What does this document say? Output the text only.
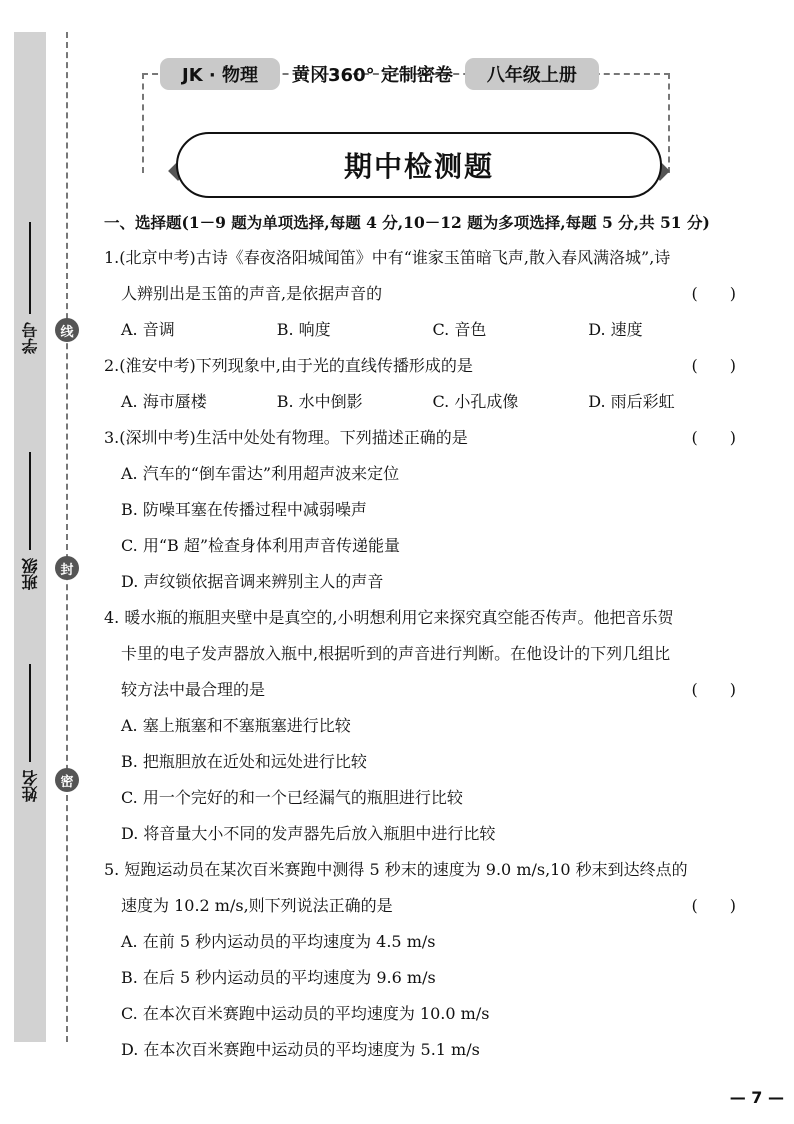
学号
班级
姓名
线
封
密
JK · 物理	黄冈360° 定制密卷	八年级上册
期中检测题
一、选择题(1－9 题为单项选择,每题 4 分,10－12 题为多项选择,每题 5 分,共 51 分)
1.(北京中考)古诗《春夜洛阳城闻笛》中有“谁家玉笛暗飞声,散入春风满洛城”,诗
人辨别出是玉笛的声音,是依据声音的	(　　)
A. 音调	B. 响度	C. 音色	D. 速度
2.(淮安中考)下列现象中,由于光的直线传播形成的是	(　　)
A. 海市蜃楼	B. 水中倒影	C. 小孔成像	D. 雨后彩虹
3.(深圳中考)生活中处处有物理。下列描述正确的是	(　　)
A. 汽车的“倒车雷达”利用超声波来定位
B. 防噪耳塞在传播过程中减弱噪声
C. 用“B 超”检查身体利用声音传递能量
D. 声纹锁依据音调来辨别主人的声音
4. 暖水瓶的瓶胆夹壁中是真空的,小明想利用它来探究真空能否传声。他把音乐贺
卡里的电子发声器放入瓶中,根据听到的声音进行判断。在他设计的下列几组比
较方法中最合理的是	(　　)
A. 塞上瓶塞和不塞瓶塞进行比较
B. 把瓶胆放在近处和远处进行比较
C. 用一个完好的和一个已经漏气的瓶胆进行比较
D. 将音量大小不同的发声器先后放入瓶胆中进行比较
5. 短跑运动员在某次百米赛跑中测得 5 秒末的速度为 9.0 m/s,10 秒末到达终点的
速度为 10.2 m/s,则下列说法正确的是	(　　)
A. 在前 5 秒内运动员的平均速度为 4.5 m/s
B. 在后 5 秒内运动员的平均速度为 9.6 m/s
C. 在本次百米赛跑中运动员的平均速度为 10.0 m/s
D. 在本次百米赛跑中运动员的平均速度为 5.1 m/s
— 7 —
